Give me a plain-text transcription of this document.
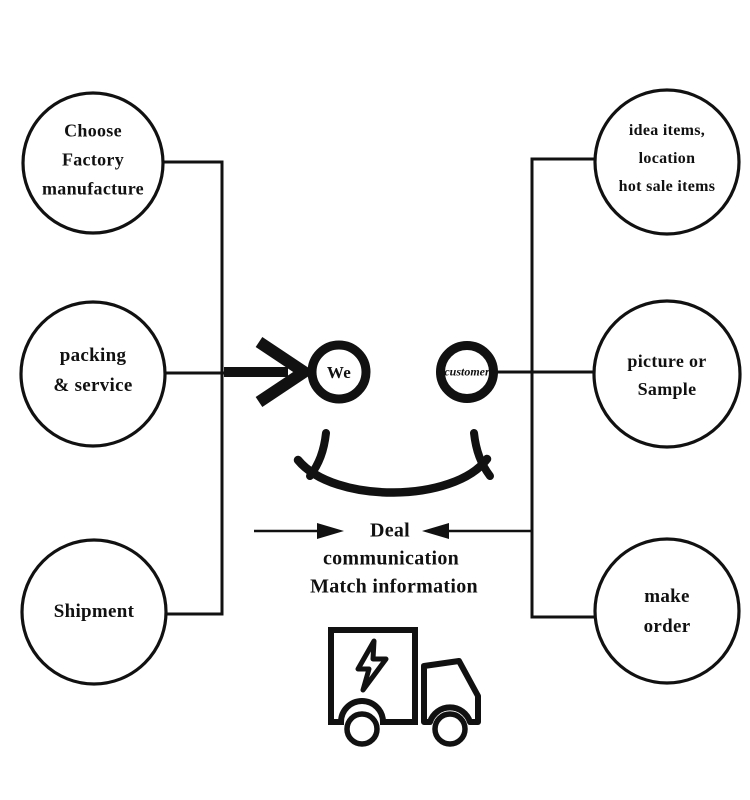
Choose
Factory
manufacture
packing
& service
Shipment
idea items,
location
hot sale items
picture or
Sample
make
order
We	customer
Deal
communication
Match information
